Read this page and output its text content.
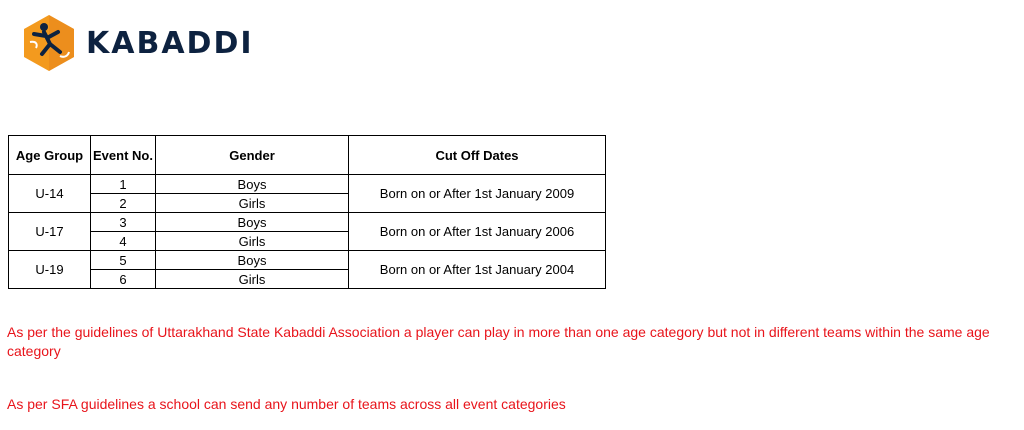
KABADDI
Age Group	Event No.	Gender	Cut Off Dates
U-14	1	Boys	Born on or After 1st January 2009
	2	Girls	
U-17	3	Boys	Born on or After 1st January 2006
	4	Girls	
U-19	5	Boys	Born on or After 1st January 2004
	6	Girls	

As per the guidelines of Uttarakhand State Kabaddi Association a player can play in more than one age category but not in different teams within the same age category

As per SFA guidelines a school can send any number of teams across all event categories
